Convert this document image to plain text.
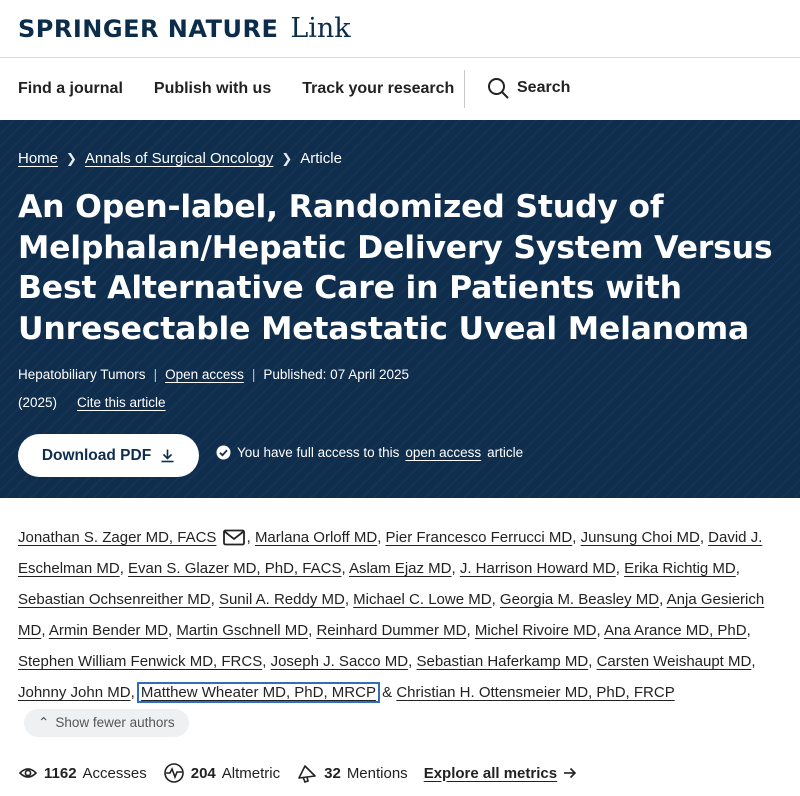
SPRINGER NATURE Link
Find a journal Publish with us Track your research	Search
Home ❯ Annals of Surgical Oncology ❯ Article
An Open-label, Randomized Study of Melphalan/Hepatic Delivery System Versus Best Alternative Care in Patients with Unresectable Metastatic Uveal Melanoma
Hepatobiliary Tumors | Open access | Published: 07 April 2025
(2025) Cite this article
Download PDF	You have full access to this open access article
Jonathan S. Zager MD, FACS , Marlana Orloff MD, Pier Francesco Ferrucci MD, Junsung Choi MD, David J. Eschelman MD, Evan S. Glazer MD, PhD, FACS, Aslam Ejaz MD, J. Harrison Howard MD, Erika Richtig MD, Sebastian Ochsenreither MD, Sunil A. Reddy MD, Michael C. Lowe MD, Georgia M. Beasley MD, Anja Gesierich MD, Armin Bender MD, Martin Gschnell MD, Reinhard Dummer MD, Michel Rivoire MD, Ana Arance MD, PhD, Stephen William Fenwick MD, FRCS, Joseph J. Sacco MD, Sebastian Haferkamp MD, Carsten Weishaupt MD, Johnny John MD, Matthew Wheater MD, PhD, MRCP & Christian H. Ottensmeier MD, PhD, FRCP
⌃ Show fewer authors
1162 Accesses	204 Altmetric	32 Mentions Explore all metrics
